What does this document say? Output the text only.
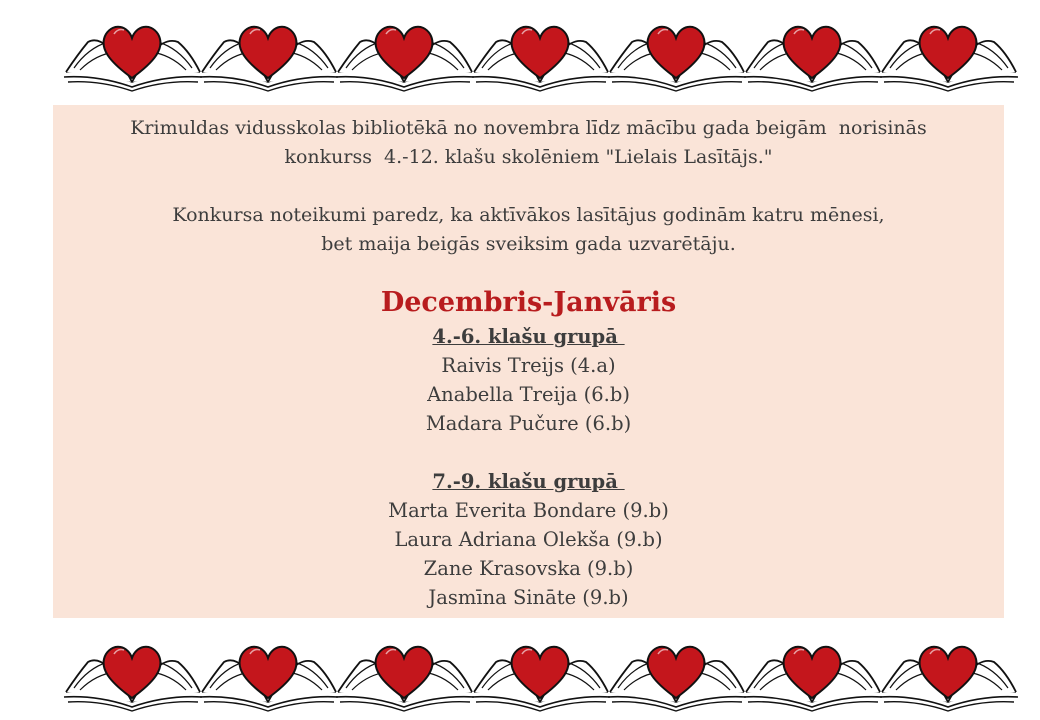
Krimuldas vidusskolas bibliotēkā no novembra līdz mācību gada beigām  norisinās

konkurss  4.-12. klašu skolēniem "Lielais Lasītājs."

Konkursa noteikumi paredz, ka aktīvākos lasītājus godinām katru mēnesi,

bet maija beigās sveiksim gada uzvarētāju.

Decembris-Janvāris
4.-6. klašu grupā
Raivis Treijs (4.a)
Anabella Treija (6.b)
Madara Pučure (6.b)
7.-9. klašu grupā
Marta Everita Bondare (9.b)
Laura Adriana Olekša (9.b)
Zane Krasovska (9.b)
Jasmīna Sināte (9.b)
